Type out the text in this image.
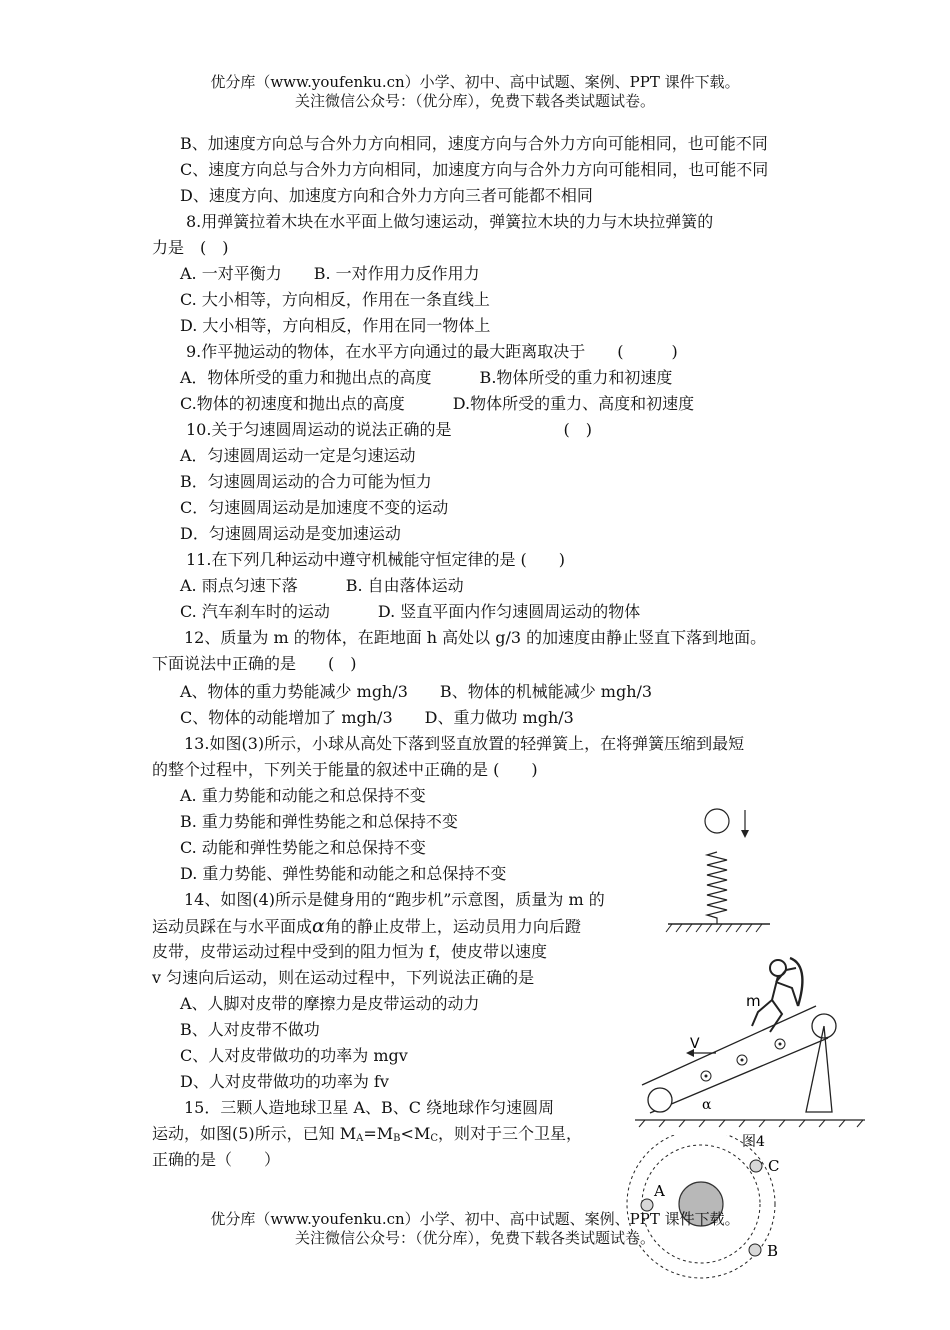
优分库（www.youfenku.cn）小学、初中、高中试题、案例、PPT 课件下载。
关注微信公众号：（优分库），免费下载各类试题试卷。
B、加速度方向总与合外力方向相同，速度方向与合外力方向可能相同，也可能不同
C、速度方向总与合外力方向相同，加速度方向与合外力方向可能相同，也可能不同
D、速度方向、加速度方向和合外力方向三者可能都不相同
8.用弹簧拉着木块在水平面上做匀速运动，弹簧拉木块的力与木块拉弹簧的
力是　(　)
A. 一对平衡力　　B. 一对作用力反作用力
C. 大小相等，方向相反，作用在一条直线上
D. 大小相等，方向相反，作用在同一物体上
9.作平抛运动的物体，在水平方向通过的最大距离取决于　　(　　　)
A．物体所受的重力和抛出点的高度　　　B.物体所受的重力和初速度
C.物体的初速度和抛出点的高度　　　D.物体所受的重力、高度和初速度
10.关于匀速圆周运动的说法正确的是　　　　　　　(　)
A．匀速圆周运动一定是匀速运动
B．匀速圆周运动的合力可能为恒力
C．匀速圆周运动是加速度不变的运动
D．匀速圆周运动是变加速运动
11.在下列几种运动中遵守机械能守恒定律的是 (　　)
A. 雨点匀速下落　　　B. 自由落体运动
C. 汽车刹车时的运动　　　D. 竖直平面内作匀速圆周运动的物体
12、质量为 m 的物体，在距地面 h 高处以 g/3 的加速度由静止竖直下落到地面。
下面说法中正确的是　　(　)
A、物体的重力势能减少 mgh/3　　B、物体的机械能减少 mgh/3
C、物体的动能增加了 mgh/3　　D、重力做功 mgh/3
13.如图(3)所示，小球从高处下落到竖直放置的轻弹簧上，在将弹簧压缩到最短
的整个过程中，下列关于能量的叙述中正确的是 (　　)
A. 重力势能和动能之和总保持不变
B. 重力势能和弹性势能之和总保持不变
C. 动能和弹性势能之和总保持不变
D. 重力势能、弹性势能和动能之和总保持不变
14、如图(4)所示是健身用的“跑步机”示意图，质量为 m 的
运动员踩在与水平面成α角的静止皮带上，运动员用力向后蹬
皮带，皮带运动过程中受到的阻力恒为 f，使皮带以速度
v 匀速向后运动，则在运动过程中，下列说法正确的是
A、人脚对皮带的摩擦力是皮带运动的动力
B、人对皮带不做功
C、人对皮带做功的功率为 mgv
D、人对皮带做功的功率为 fv
15．三颗人造地球卫星 A、B、C 绕地球作匀速圆周
运动，如图(5)所示，已知 $M_A=M_B<M_C$，则对于三个卫星，
正确的是（　　）
m
V
α
图4
A
C
B
优分库（www.youfenku.cn）小学、初中、高中试题、案例、PPT 课件下载。
关注微信公众号：（优分库），免费下载各类试题试卷。
